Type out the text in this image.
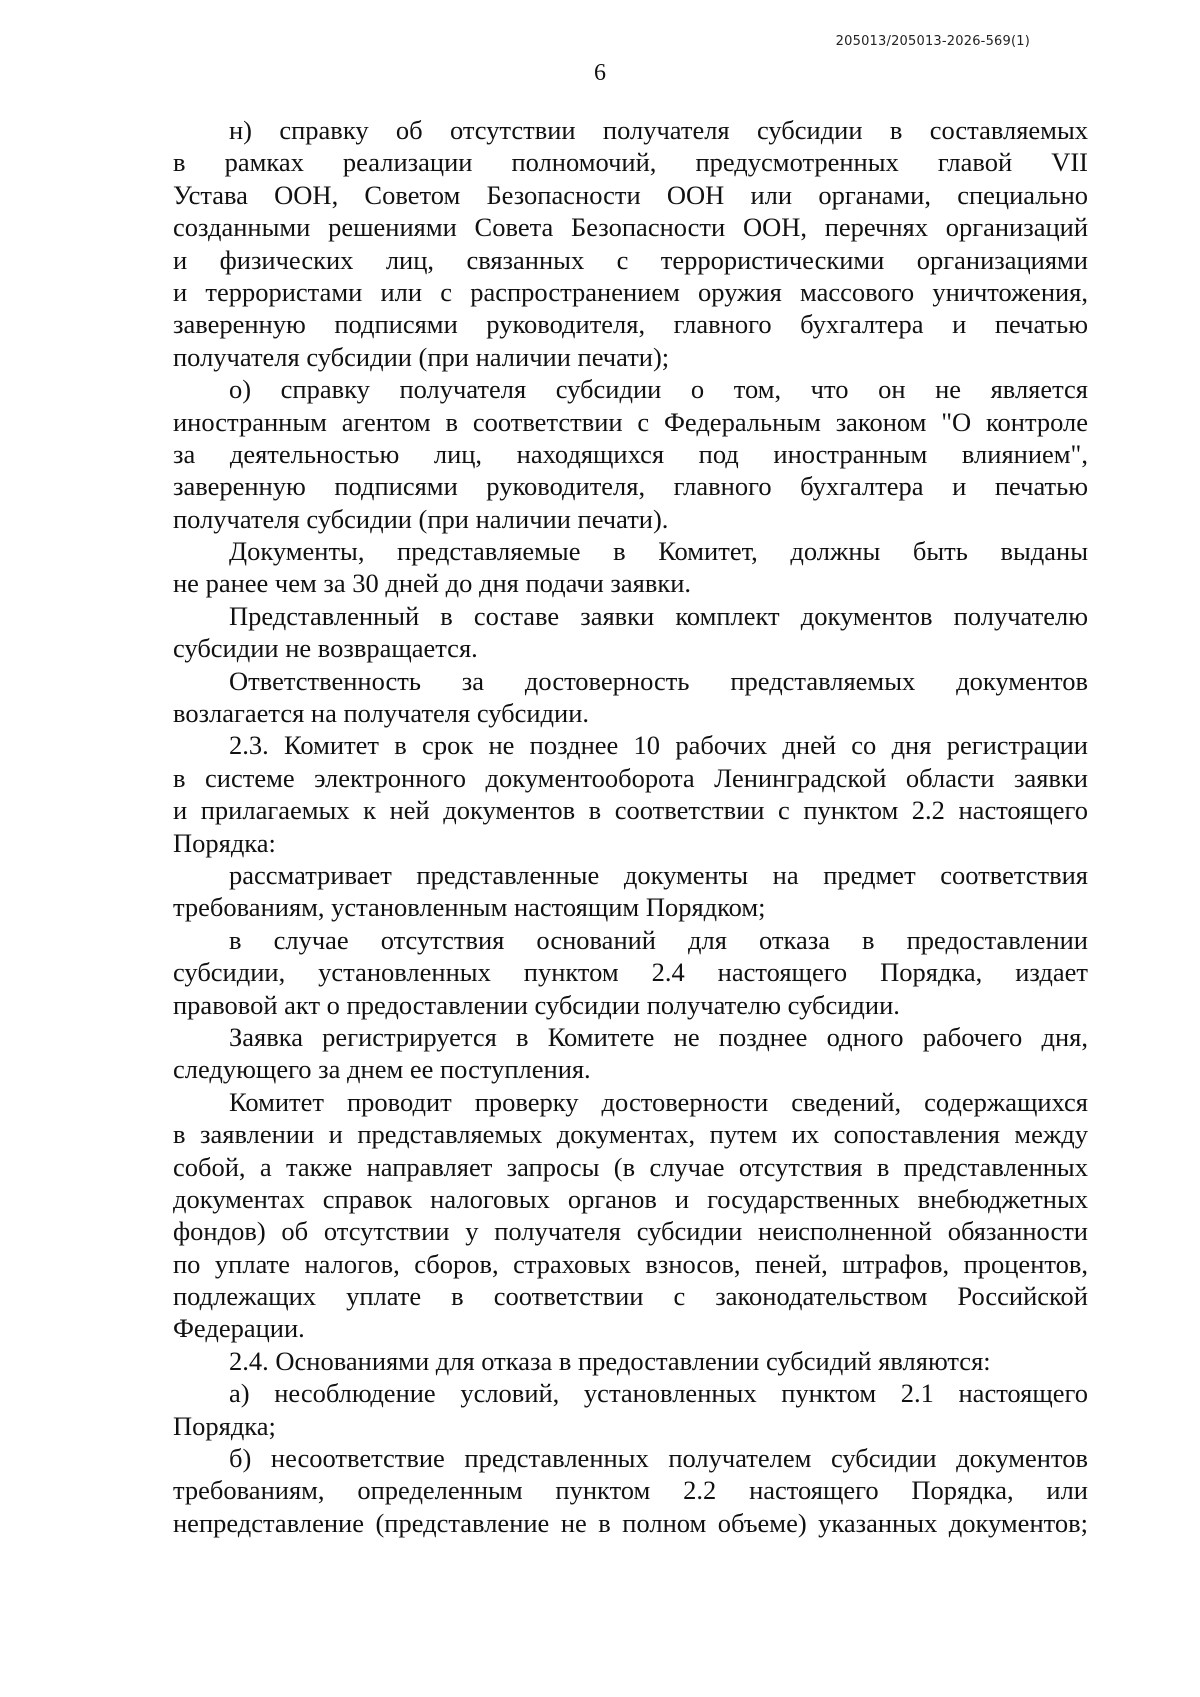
205013/205013-2026-569(1)
6
н) справку об отсутствии получателя субсидии в составляемых
в рамках реализации полномочий, предусмотренных главой VII
Устава ООН, Советом Безопасности ООН или органами, специально
созданными решениями Совета Безопасности ООН, перечнях организаций
и физических лиц, связанных с террористическими организациями
и террористами или с распространением оружия массового уничтожения,
заверенную подписями руководителя, главного бухгалтера и печатью
получателя субсидии (при наличии печати);
о) справку получателя субсидии о том, что он не является
иностранным агентом в соответствии с Федеральным законом "О контроле
за деятельностью лиц, находящихся под иностранным влиянием",
заверенную подписями руководителя, главного бухгалтера и печатью
получателя субсидии (при наличии печати).
Документы, представляемые в Комитет, должны быть выданы
не ранее чем за 30 дней до дня подачи заявки.
Представленный в составе заявки комплект документов получателю
субсидии не возвращается.
Ответственность за достоверность представляемых документов
возлагается на получателя субсидии.
2.3. Комитет в срок не позднее 10 рабочих дней со дня регистрации
в системе электронного документооборота Ленинградской области заявки
и прилагаемых к ней документов в соответствии с пунктом 2.2 настоящего
Порядка:
рассматривает представленные документы на предмет соответствия
требованиям, установленным настоящим Порядком;
в случае отсутствия оснований для отказа в предоставлении
субсидии, установленных пунктом 2.4 настоящего Порядка, издает
правовой акт о предоставлении субсидии получателю субсидии.
Заявка регистрируется в Комитете не позднее одного рабочего дня,
следующего за днем ее поступления.
Комитет проводит проверку достоверности сведений, содержащихся
в заявлении и представляемых документах, путем их сопоставления между
собой, а также направляет запросы (в случае отсутствия в представленных
документах справок налоговых органов и государственных внебюджетных
фондов) об отсутствии у получателя субсидии неисполненной обязанности
по уплате налогов, сборов, страховых взносов, пеней, штрафов, процентов,
подлежащих уплате в соответствии с законодательством Российской
Федерации.
2.4. Основаниями для отказа в предоставлении субсидий являются:
а) несоблюдение условий, установленных пунктом 2.1 настоящего
Порядка;
б) несоответствие представленных получателем субсидии документов
требованиям, определенным пунктом 2.2 настоящего Порядка, или
непредставление (представление не в полном объеме) указанных документов;
